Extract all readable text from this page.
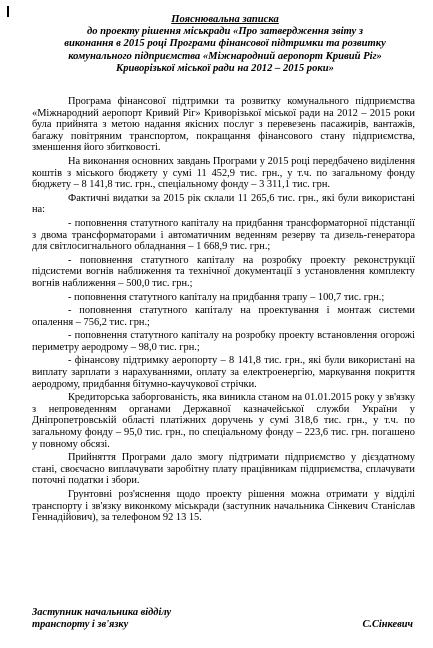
Пояснювальна записка
до проекту рішення міськради «Про затвердження звіту з
виконання в 2015 році Програми фінансової підтримки та розвитку
комунального підприємства «Міжнародний аеропорт Кривий Ріг»
Криворізької міської ради на 2012 – 2015 роки»

Програма фінансової підтримки та розвитку комунального підприємства «Міжнародний аеропорт Кривий Ріг» Криворізької міської ради на 2012 – 2015 роки була прийнята з метою надання якісних послуг з перевезень пасажирів, вантажів, багажу повітряним транспортом, покращання фінансового стану підприємства, зменшення його збитковості.

На виконання основних завдань Програми у 2015 році передбачено виділення коштів з міського бюджету у сумі 11 452,9 тис. грн., у т.ч. по загальному фонду бюджету – 8 141,8 тис. грн., спеціальному фонду – 3 311,1 тис. грн.

Фактичні видатки за 2015 рік склали 11 265,6 тис. грн., які були використані на:

- поповнення статутного капіталу на придбання трансформаторної підстанції з двома трансформаторами і автоматичним веденням резерву та дизель-генератора для світлосигнального обладнання – 1 668,9 тис. грн.;

- поповнення статутного капіталу на розробку проекту реконструкції підсистеми вогнів наближення та технічної документації з установлення комплекту вогнів наближення – 500,0 тис. грн.;

- поповнення статутного капіталу на придбання трапу – 100,7 тис. грн.;

- поповнення статутного капіталу на проектування і монтаж системи опалення – 756,2 тис. грн.;

- поповнення статутного капіталу на розробку проекту встановлення огорожі периметру аеродрому – 98,0 тис. грн.;

- фінансову підтримку аеропорту – 8 141,8 тис. грн., які були використані на виплату зарплати з нарахуваннями, оплату за електроенергію, маркування покриття аеродрому, придбання бітумно-каучукової стрічки.

Кредиторська заборгованість, яка виникла станом на 01.01.2015 року у зв'язку з непроведенням органами Державної казначейської служби України у Дніпропетровській області платіжних доручень у сумі 318,6 тис. грн., у т.ч. по загальному фонду – 95,0 тис. грн., по спеціальному фонду – 223,6 тис. грн. погашено у повному обсязі.

Прийняття Програми дало змогу підтримати підприємство у дієздатному стані, своєчасно виплачувати заробітну плату працівникам підприємства, сплачувати поточні податки і збори.

Грунтовні роз'яснення щодо проекту рішення можна отримати у відділі транспорту і зв'язку виконкому міськради (заступник начальника Сінкевич Станіслав Геннадійович), за телефоном 92 13 15.

Заступник начальника відділу
транспорту і зв'язку	С.Сінкевич
